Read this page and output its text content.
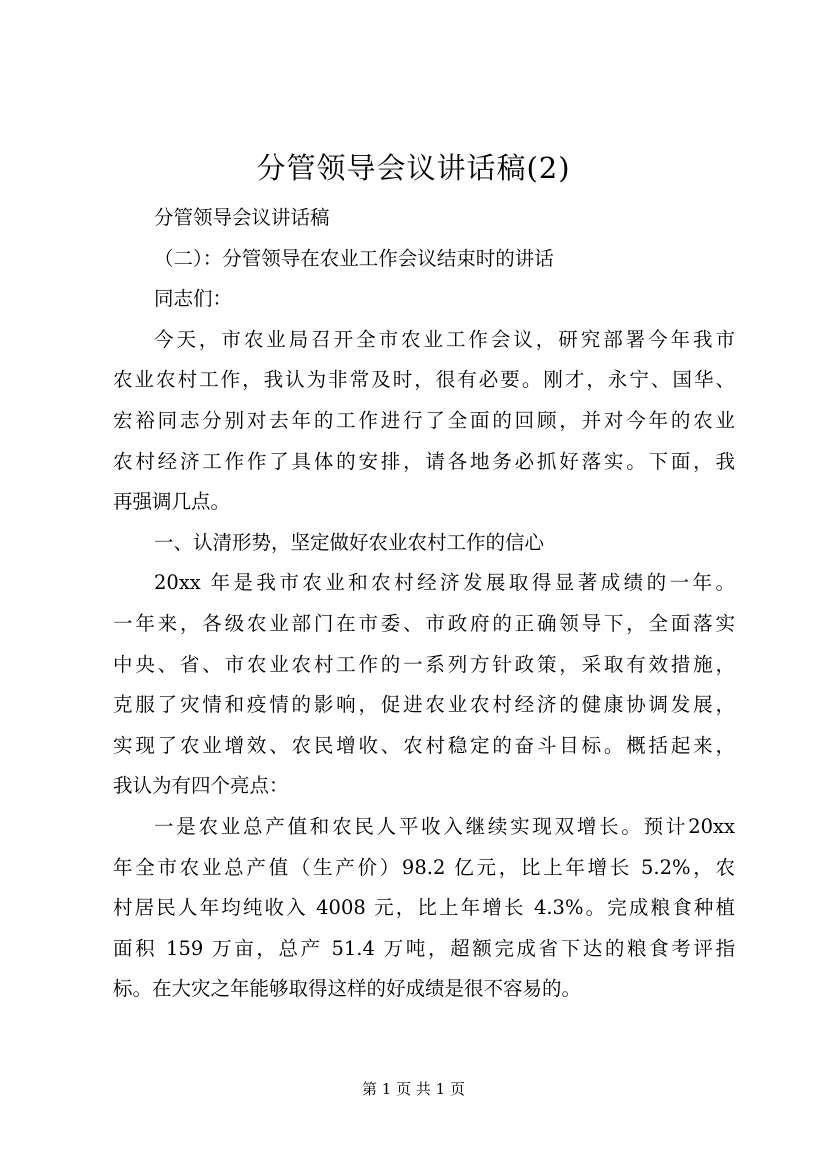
分管领导会议讲话稿(2)
分管领导会议讲话稿
（二）：分管领导在农业工作会议结束时的讲话
同志们：
今天，市农业局召开全市农业工作会议，研究部署今年我市
农业农村工作，我认为非常及时，很有必要。刚才，永宁、国华、
宏裕同志分别对去年的工作进行了全面的回顾，并对今年的农业
农村经济工作作了具体的安排，请各地务必抓好落实。下面，我
再强调几点。
一、认清形势，坚定做好农业农村工作的信心
20xx 年是我市农业和农村经济发展取得显著成绩的一年。
一年来，各级农业部门在市委、市政府的正确领导下，全面落实
中央、省、市农业农村工作的一系列方针政策，采取有效措施，
克服了灾情和疫情的影响，促进农业农村经济的健康协调发展，
实现了农业增效、农民增收、农村稳定的奋斗目标。概括起来，
我认为有四个亮点：
一是农业总产值和农民人平收入继续实现双增长。预计20xx
年全市农业总产值（生产价）98.2 亿元，比上年增长 5.2%，农
村居民人年均纯收入 4008 元，比上年增长 4.3%。完成粮食种植
面积 159 万亩，总产 51.4 万吨，超额完成省下达的粮食考评指
标。在大灾之年能够取得这样的好成绩是很不容易的。
第 1 页 共 1 页
